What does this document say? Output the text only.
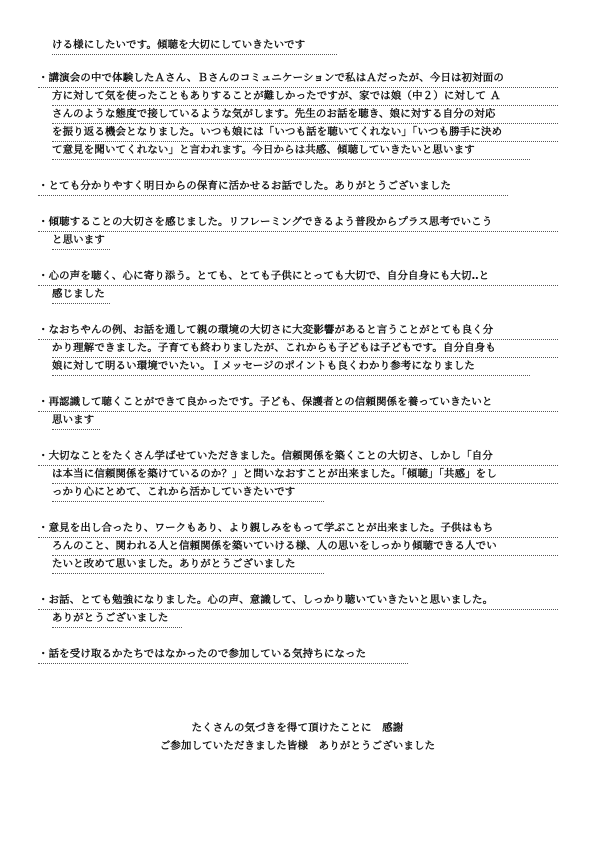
ける様にしたいです。傾聴を大切にしていきたいです
・講演会の中で体験したＡさん、Ｂさんのコミュニケーションで私はＡだったが、今日は初対面の
方に対して気を使ったこともありすることが難しかったですが、家では娘（中２）に対して Ａ
さんのような態度で接しているような気がします。先生のお話を聴き、娘に対する自分の対応
を振り返る機会となりました。いつも娘には「いつも話を聴いてくれない」「いつも勝手に決め
て意見を聞いてくれない」と言われます。今日からは共感、傾聴していきたいと思います
・とても分かりやすく明日からの保育に活かせるお話でした。ありがとうございました
・傾聴することの大切さを感じました。リフレーミングできるよう普段からプラス思考でいこう
と思います
・心の声を聴く、心に寄り添う。とても、とても子供にとっても大切で、自分自身にも大切‥と
感じました
・なおちやんの例、お話を通して親の環境の大切さに大変影響があると言うことがとても良く分
かり理解できました。子育ても終わりましたが、これからも子どもは子どもです。自分自身も
娘に対して明るい環境でいたい。Ｉメッセージのポイントも良くわかり参考になりました
・再認識して聴くことができて良かったです。子ども、保護者との信頼関係を養っていきたいと
思います
・大切なことをたくさん学ばせていただきました。信頼関係を築くことの大切さ、しかし「自分
は本当に信頼関係を築けているのか？」と問いなおすことが出来ました。「傾聴」「共感」をし
っかり心にとめて、これから活かしていきたいです
・意見を出し合ったり、ワークもあり、より親しみをもって学ぶことが出来ました。子供はもち
ろんのこと、関われる人と信頼関係を築いていける様、人の思いをしっかり傾聴できる人でい
たいと改めて思いました。ありがとうございました
・お話、とても勉強になりました。心の声、意識して、しっかり聴いていきたいと思いました。
ありがとうございました
・話を受け取るかたちではなかったので参加している気持ちになった
たくさんの気づきを得て頂けたことに　感謝
ご参加していただきました皆様　ありがとうございました
